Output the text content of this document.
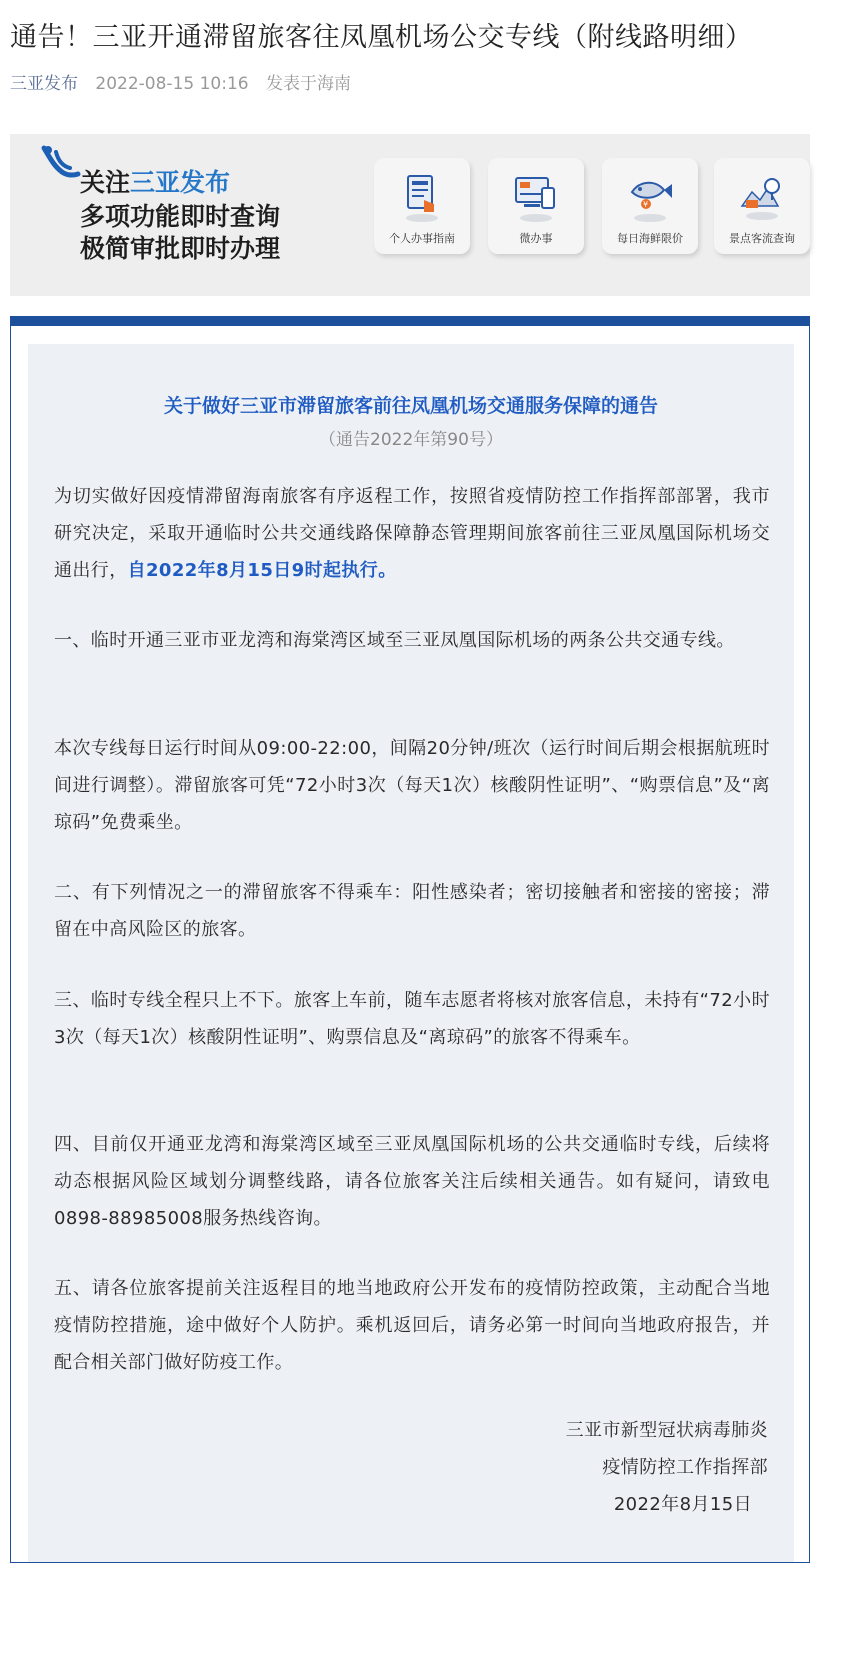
通告！三亚开通滞留旅客往凤凰机场公交专线（附线路明细）
三亚发布 2022-08-15 10:16 发表于海南
关注三亚发布
多项功能即时查询
极简审批即时办理	个人办事指南	微办事
¥
每日海鲜限价	景点客流查询
关于做好三亚市滞留旅客前往凤凰机场交通服务保障的通告
（通告2022年第90号）
为切实做好因疫情滞留海南旅客有序返程工作，按照省疫情防控工作指挥部部署，我市研究决定，采取开通临时公共交通线路保障静态管理期间旅客前往三亚凤凰国际机场交通出行，自2022年8月15日9时起执行。
一、临时开通三亚市亚龙湾和海棠湾区域至三亚凤凰国际机场的两条公共交通专线。
本次专线每日运行时间从09:00-22:00，间隔20分钟/班次（运行时间后期会根据航班时间进行调整）。滞留旅客可凭“72小时3次（每天1次）核酸阴性证明”、“购票信息”及“离琼码”免费乘坐。
二、有下列情况之一的滞留旅客不得乘车：阳性感染者；密切接触者和密接的密接；滞留在中高风险区的旅客。
三、临时专线全程只上不下。旅客上车前，随车志愿者将核对旅客信息，未持有“72小时3次（每天1次）核酸阴性证明”、购票信息及“离琼码”的旅客不得乘车。
四、目前仅开通亚龙湾和海棠湾区域至三亚凤凰国际机场的公共交通临时专线，后续将动态根据风险区域划分调整线路，请各位旅客关注后续相关通告。如有疑问，请致电0898-88985008服务热线咨询。
五、请各位旅客提前关注返程目的地当地政府公开发布的疫情防控政策，主动配合当地疫情防控措施，途中做好个人防护。乘机返回后，请务必第一时间向当地政府报告，并配合相关部门做好防疫工作。
三亚市新型冠状病毒肺炎
疫情防控工作指挥部
2022年8月15日
